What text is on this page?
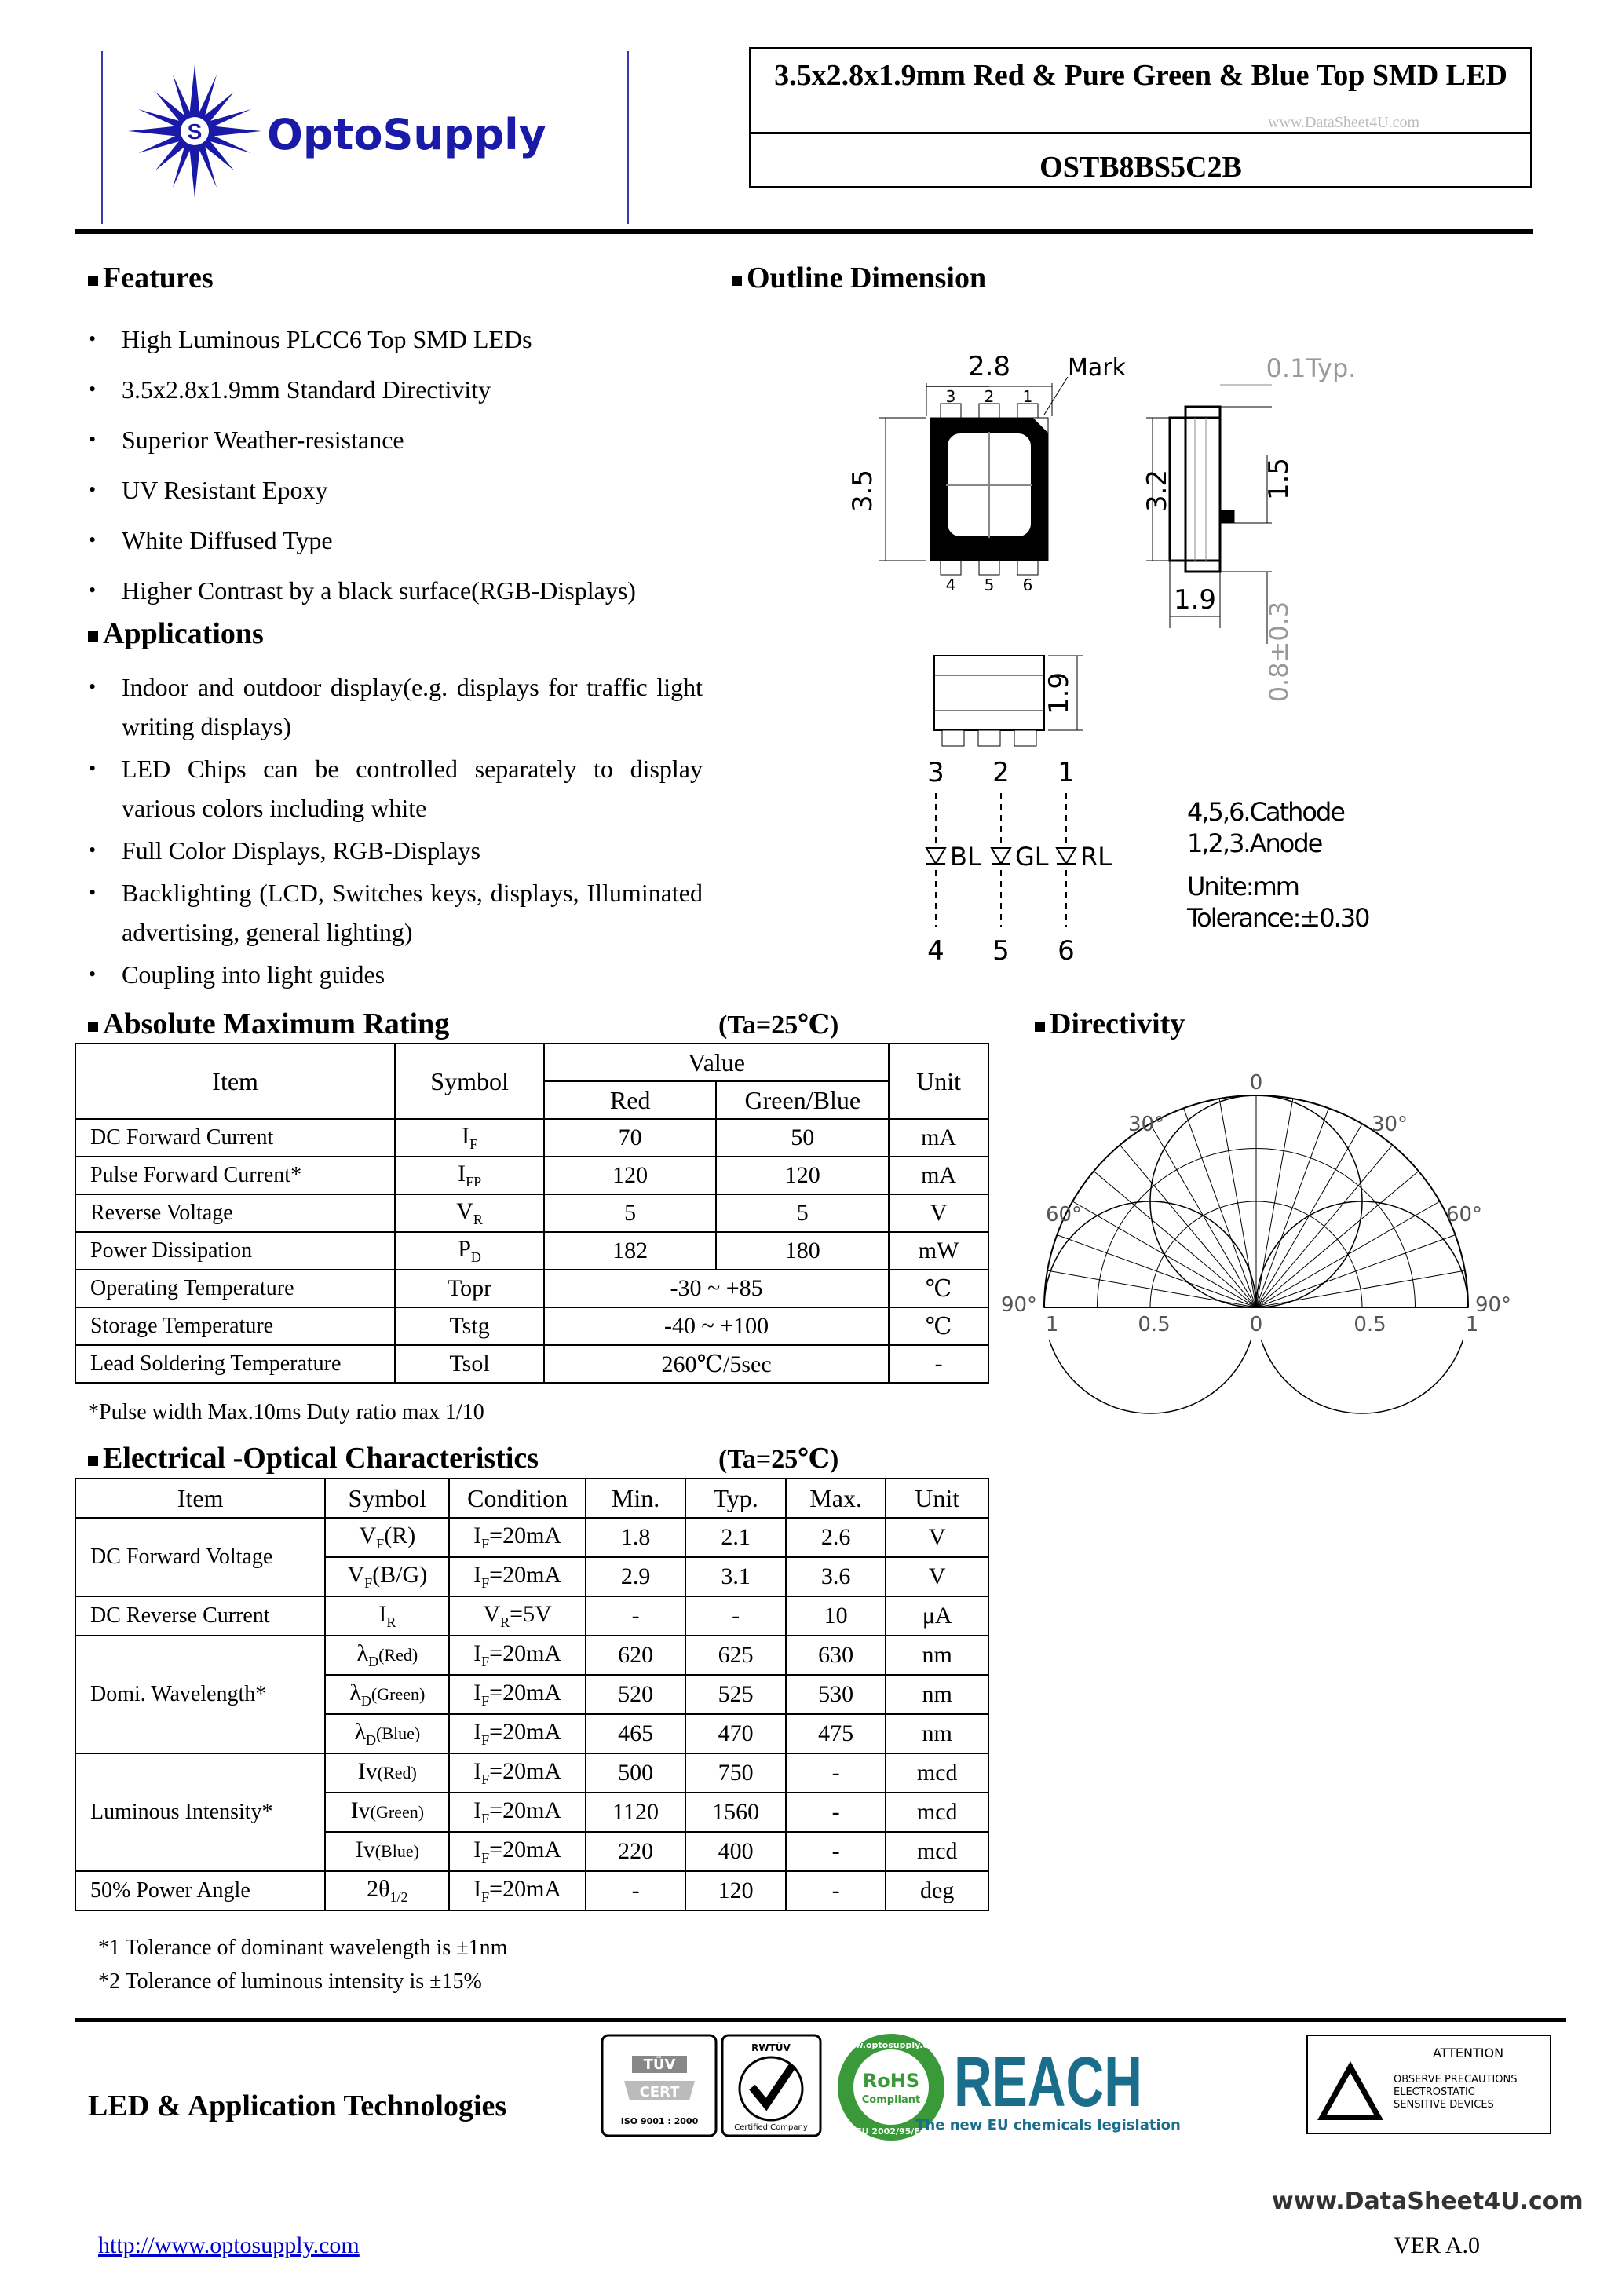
S OptoSupply
3.5x2.8x1.9mm Red & Pure Green & Blue Top SMD LED
OSTB8BS5C2B
www.DataSheet4U.com
Features
• High Luminous PLCC6 Top SMD LEDs
• 3.5x2.8x1.9mm Standard Directivity
• Superior Weather-resistance
• UV Resistant Epoxy
• White Diffused Type
• Higher Contrast by a black surface(RGB-Displays)
Applications
• Indoor and outdoor display(e.g. displays for traffic light writing displays)
• LED Chips can be controlled separately to display various colors including white
• Full Color Displays, RGB-Displays
• Backlighting (LCD, Switches keys, displays, Illuminated advertising, general lighting)
• Coupling into light guides
Outline Dimension
2.8 Mark
3 2 1
4 5 6
3.5
0.1Typ.
3.2	1.5
1.9
0.8±0.3
1.9
3 2 1
4 5 6
BL GL RL
4,5,6.Cathode
1,2,3.Anode
Unite:mm
Tolerance:±0.30
Absolute Maximum Rating	(Ta=25℃)
Item	Symbol	Value		Unit
		Red	Green/Blue	
DC Forward Current	$I_F$	70	50	mA
Pulse Forward Current*	$I_{FP}$	120	120	mA
Reverse Voltage	$V_R$	5	5	V
Power Dissipation	$P_D$	182	180	mW
Operating Temperature	Topr	-30 ~ +85		℃
Storage Temperature	Tstg	-40 ~ +100		℃
Lead Soldering Temperature	Tsol	260℃/5sec		-
*Pulse width Max.10ms Duty ratio max 1/10
Directivity
0
30°	30°
60°	60°
90°	90°
1	0.5	0	0.5	1
Electrical -Optical Characteristics	(Ta=25℃)
Item	Symbol	Condition	Min.	Typ.	Max.	Unit
DC Forward Voltage	$V_F(R)$	$I_F=20mA$	1.8	2.1	2.6	V
	$V_F(B/G)$	$I_F=20mA$	2.9	3.1	3.6	V
DC Reverse Current	$I_R$	$V_R=5V$	-	-	10	μA
Domi. Wavelength*	$\lambda_D(Red)$	$I_F=20mA$	620	625	630	nm
	$\lambda_D(Green)$	$I_F=20mA$	520	525	530	nm
	$\lambda_D(Blue)$	$I_F=20mA$	465	470	475	nm
Luminous Intensity*	Iv(Red)	$I_F=20mA$	500	750	-	mcd
	Iv(Green)	$I_F=20mA$	1120	1560	-	mcd
	Iv(Blue)	$I_F=20mA$	220	400	-	mcd
50% Power Angle	$2\theta_{1/2}$	$I_F=20mA$	-	120	-	deg
*1 Tolerance of dominant wavelength is ±1nm
*2 Tolerance of luminous intensity is ±15%
LED & Application Technologies
TÜV
CERT
ISO 9001 : 2000
RWTÜV
Certified Company
www.optosupply.com
RoHS
Compliant
EU 2002/95/EC
REACH
The new EU chemicals legislation
ATTENTION
OBSERVE PRECAUTIONS
ELECTROSTATIC
SENSITIVE DEVICES
www.DataSheet4U.com
http://www.optosupply.com	VER A.0
